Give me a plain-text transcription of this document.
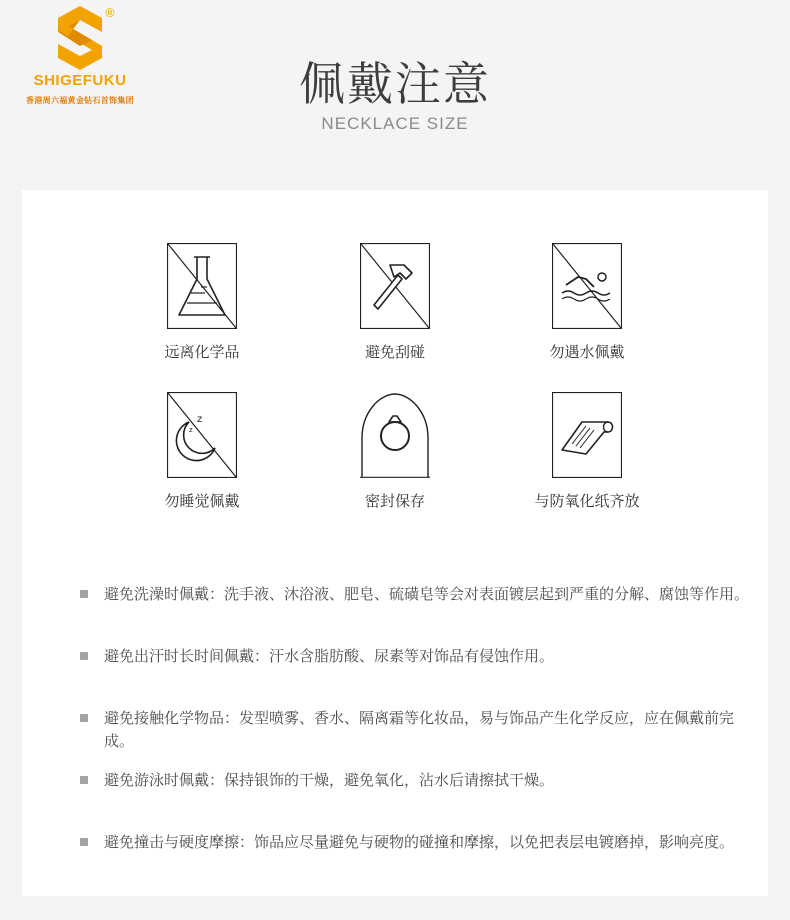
®
SHIGEFUKU
香港周六福黄金钻石首饰集团	佩戴注意
NECKLACE SIZE
远离化学品	避免刮碰	勿遇水佩戴
z
z
勿睡觉佩戴	密封保存	与防氧化纸齐放
避免洗澡时佩戴：洗手液、沐浴液、肥皂、硫磺皂等会对表面镀层起到严重的分解、腐蚀等作用。
避免出汗时长时间佩戴：汗水含脂肪酸、尿素等对饰品有侵蚀作用。
避免接触化学物品：发型喷雾、香水、隔离霜等化妆品，易与饰品产生化学反应，应在佩戴前完成。
避免游泳时佩戴：保持银饰的干燥，避免氧化，沾水后请擦拭干燥。
避免撞击与硬度摩擦：饰品应尽量避免与硬物的碰撞和摩擦，以免把表层电镀磨掉，影响亮度。
